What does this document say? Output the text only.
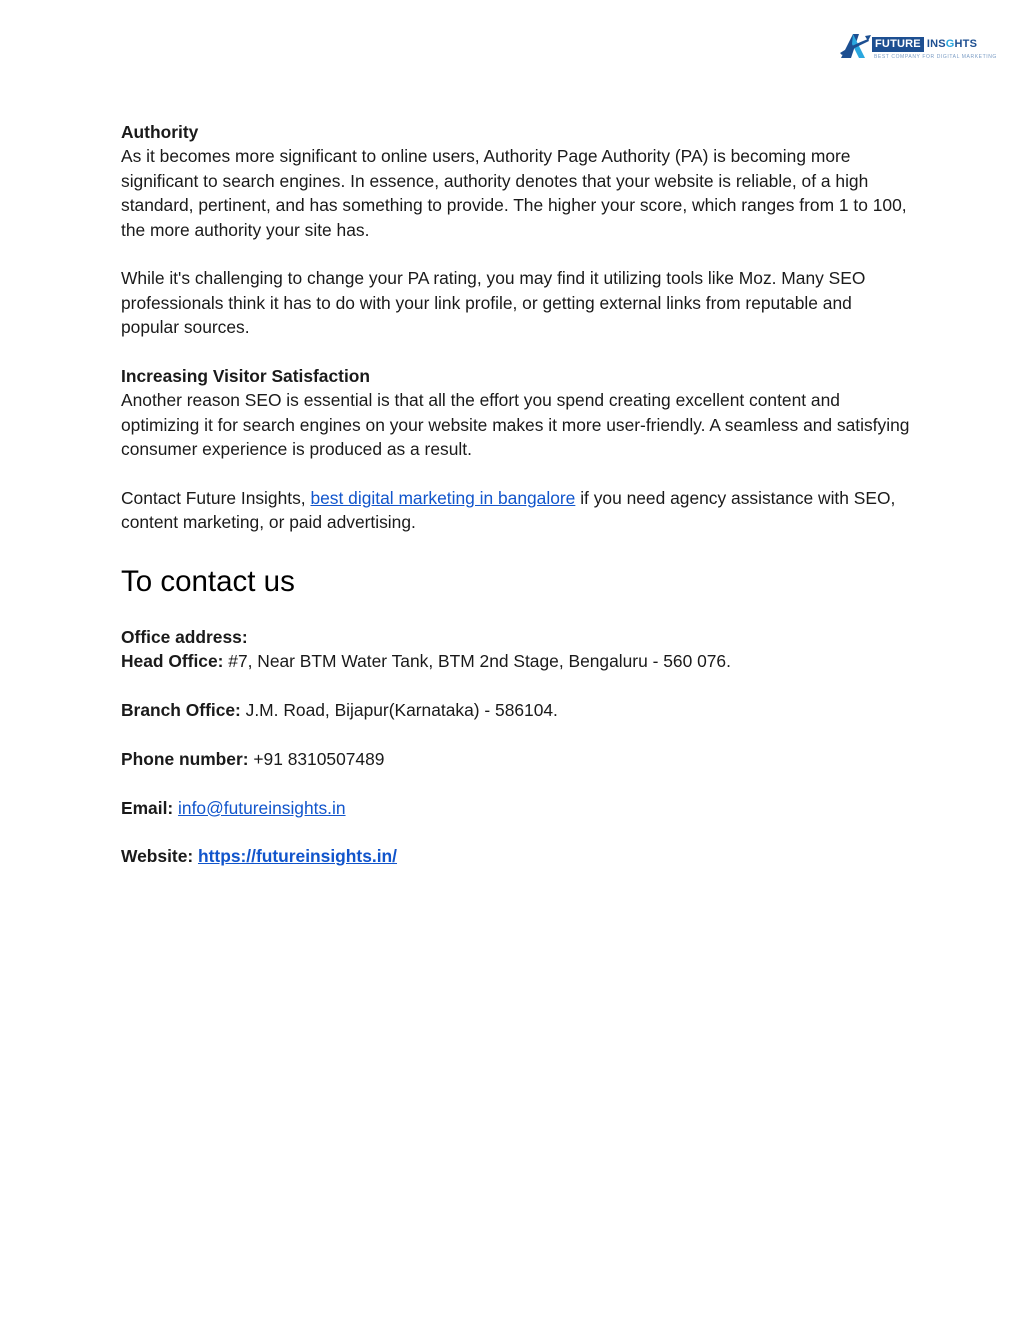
FUTURE INSGHTS
BEST COMPANY FOR DIGITAL MARKETING

Authority

As it becomes more significant to online users, Authority Page Authority (PA) is becoming more significant to search engines. In essence, authority denotes that your website is reliable, of a high standard, pertinent, and has something to provide. The higher your score, which ranges from 1 to 100, the more authority your site has.

While it's challenging to change your PA rating, you may find it utilizing tools like Moz. Many SEO professionals think it has to do with your link profile, or getting external links from reputable and popular sources.

Increasing Visitor Satisfaction

Another reason SEO is essential is that all the effort you spend creating excellent content and optimizing it for search engines on your website makes it more user-friendly. A seamless and satisfying consumer experience is produced as a result.

Contact Future Insights, best digital marketing in bangalore if you need agency assistance with SEO, content marketing, or paid advertising.

To contact us

Office address:

Head Office: #7, Near BTM Water Tank, BTM 2nd Stage, Bengaluru - 560 076.

Branch Office: J.M. Road, Bijapur(Karnataka) - 586104.

Phone number: +91 8310507489

Email: info@futureinsights.in

Website: https://futureinsights.in/
